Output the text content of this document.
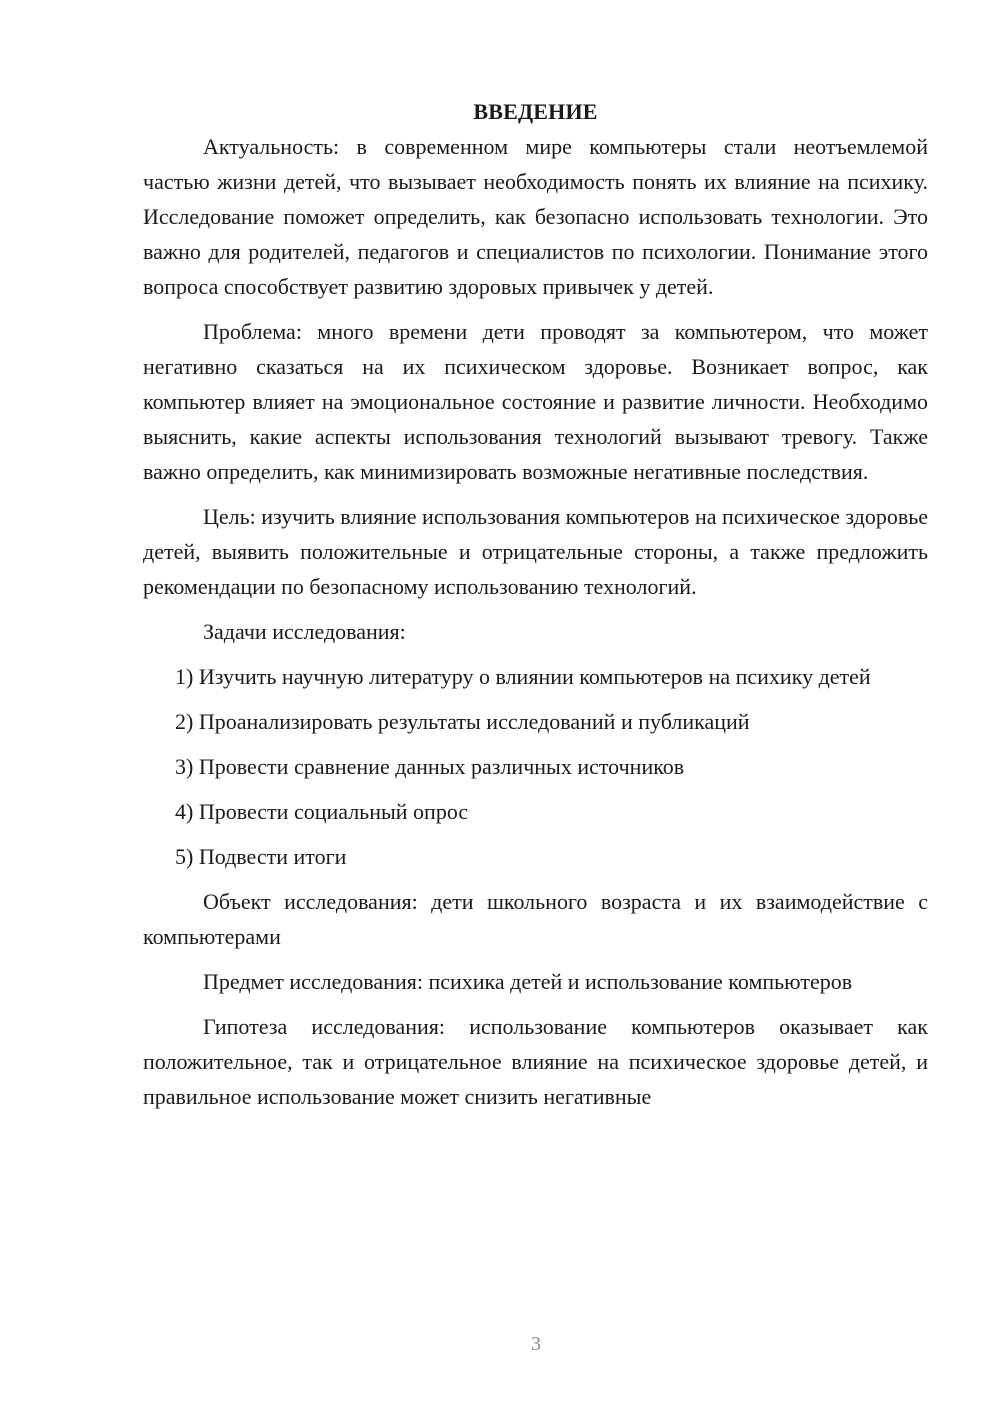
ВВЕДЕНИЕ

Актуальность: в современном мире компьютеры стали неотъемлемой частью жизни детей, что вызывает необходимость понять их влияние на психику. Исследование поможет определить, как безопасно использовать технологии. Это важно для родителей, педагогов и специалистов по психологии. Понимание этого вопроса способствует развитию здоровых привычек у детей.

Проблема: много времени дети проводят за компьютером, что может негативно сказаться на их психическом здоровье. Возникает вопрос, как компьютер влияет на эмоциональное состояние и развитие личности. Необходимо выяснить, какие аспекты использования технологий вызывают тревогу. Также важно определить, как минимизировать возможные негативные последствия.

Цель: изучить влияние использования компьютеров на психическое здоровье детей, выявить положительные и отрицательные стороны, а также предложить рекомендации по безопасному использованию технологий.

Задачи исследования:

1) Изучить научную литературу о влиянии компьютеров на психику детей

2) Проанализировать результаты исследований и публикаций

3) Провести сравнение данных различных источников

4) Провести социальный опрос

5) Подвести итоги

Объект исследования: дети школьного возраста и их взаимодействие с компьютерами

Предмет исследования: психика детей и использование компьютеров

Гипотеза исследования: использование компьютеров оказывает как положительное, так и отрицательное влияние на психическое здоровье детей, и правильное использование может снизить негативные

3
